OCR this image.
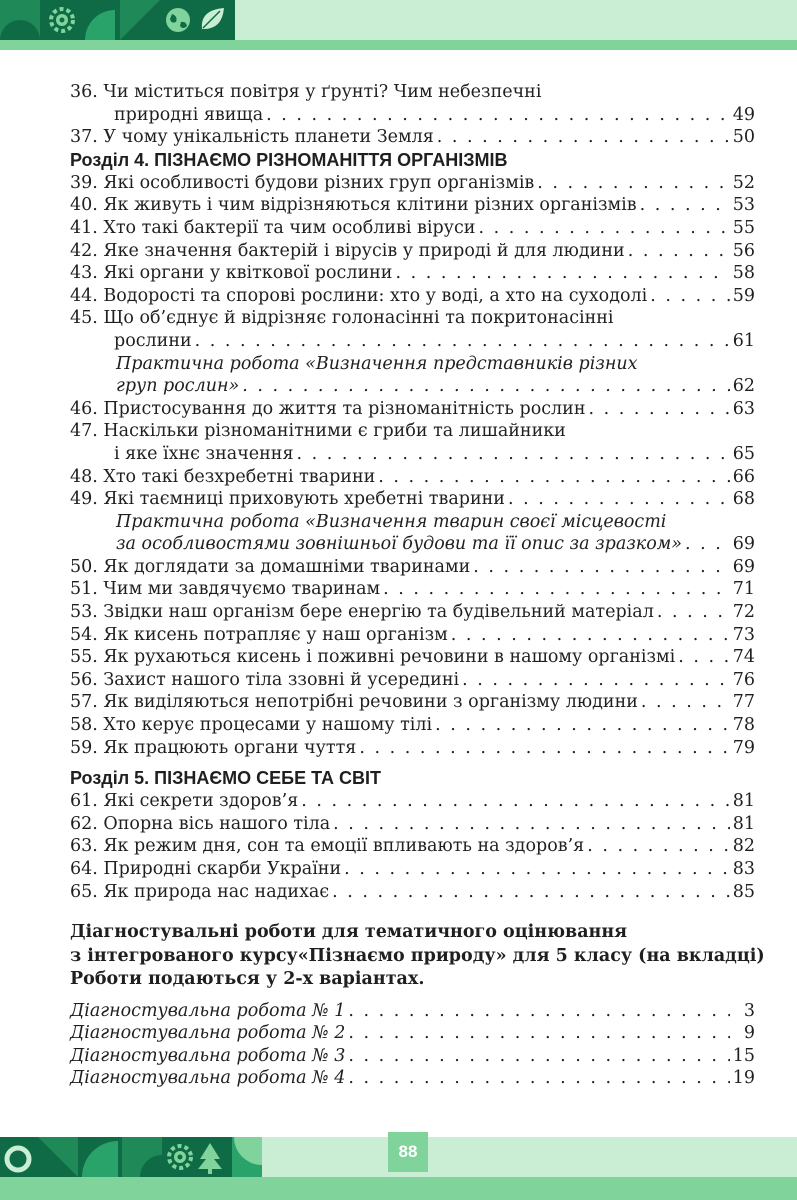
36. Чи міститься повітря у ґрунті? Чим небезпечні
природні явища . . .	49
37. У чому унікальність планети Земля . . .	50
Розділ 4. ПІЗНАЄМО РІЗНОМАНІТТЯ ОРГАНІЗМІВ
39. Які особливості будови різних груп організмів . . .	52
40. Як живуть і чим відрізняються клітини різних організмів . . .	53
41. Хто такі бактерії та чим особливі віруси . . .	55
42. Яке значення бактерій і вірусів у природі й для людини . . .	56
43. Які органи у квіткової рослини . . .	58
44. Водорості та спорові рослини: хто у воді, а хто на суходолі . . .	59
45. Що об’єднує й відрізняє голонасінні та покритонасінні
рослини . . .	61
Практична робота «Визначення представників різних
груп рослин» . . .	62
46. Пристосування до життя та різноманітність рослин . . .	63
47. Наскільки різноманітними є гриби та лишайники
і яке їхнє значення . . .	65
48. Хто такі безхребетні тварини . . .	66
49. Які таємниці приховують хребетні тварини . . .	68
Практична робота «Визначення тварин своєї місцевості
за особливостями зовнішньої будови та її опис за зразком» . . .	69
50. Як доглядати за домашніми тваринами . . .	69
51. Чим ми завдячуємо тваринам . . .	71
53. Звідки наш організм бере енергію та будівельний матеріал . . .	72
54. Як кисень потрапляє у наш організм . . .	73
55. Як рухаються кисень і поживні речовини в нашому організмі . . .	74
56. Захист нашого тіла ззовні й усередині . . .	76
57. Як виділяються непотрібні речовини з організму людини . . .	77
58. Хто керує процесами у нашому тілі . . .	78
59. Як працюють органи чуття . . .	79
Розділ 5. ПІЗНАЄМО СЕБЕ ТА СВІТ
61. Які секрети здоров’я . . .	81
62. Опорна вісь нашого тіла . . .	81
63. Як режим дня, сон та емоції впливають на здоров’я . . .	82
64. Природні скарби України . . .	83
65. Як природа нас надихає . . .	85
Діагностувальні роботи для тематичного оцінювання
з інтегрованого курсу«Пізнаємо природу» для 5 класу (на вкладці)
Роботи подаються у 2-х варіантах.
Діагностувальна робота № 1 . . .	3
Діагностувальна робота № 2 . . .	9
Діагностувальна робота № 3 . . .	15
Діагностувальна робота № 4 . . .	19
88
